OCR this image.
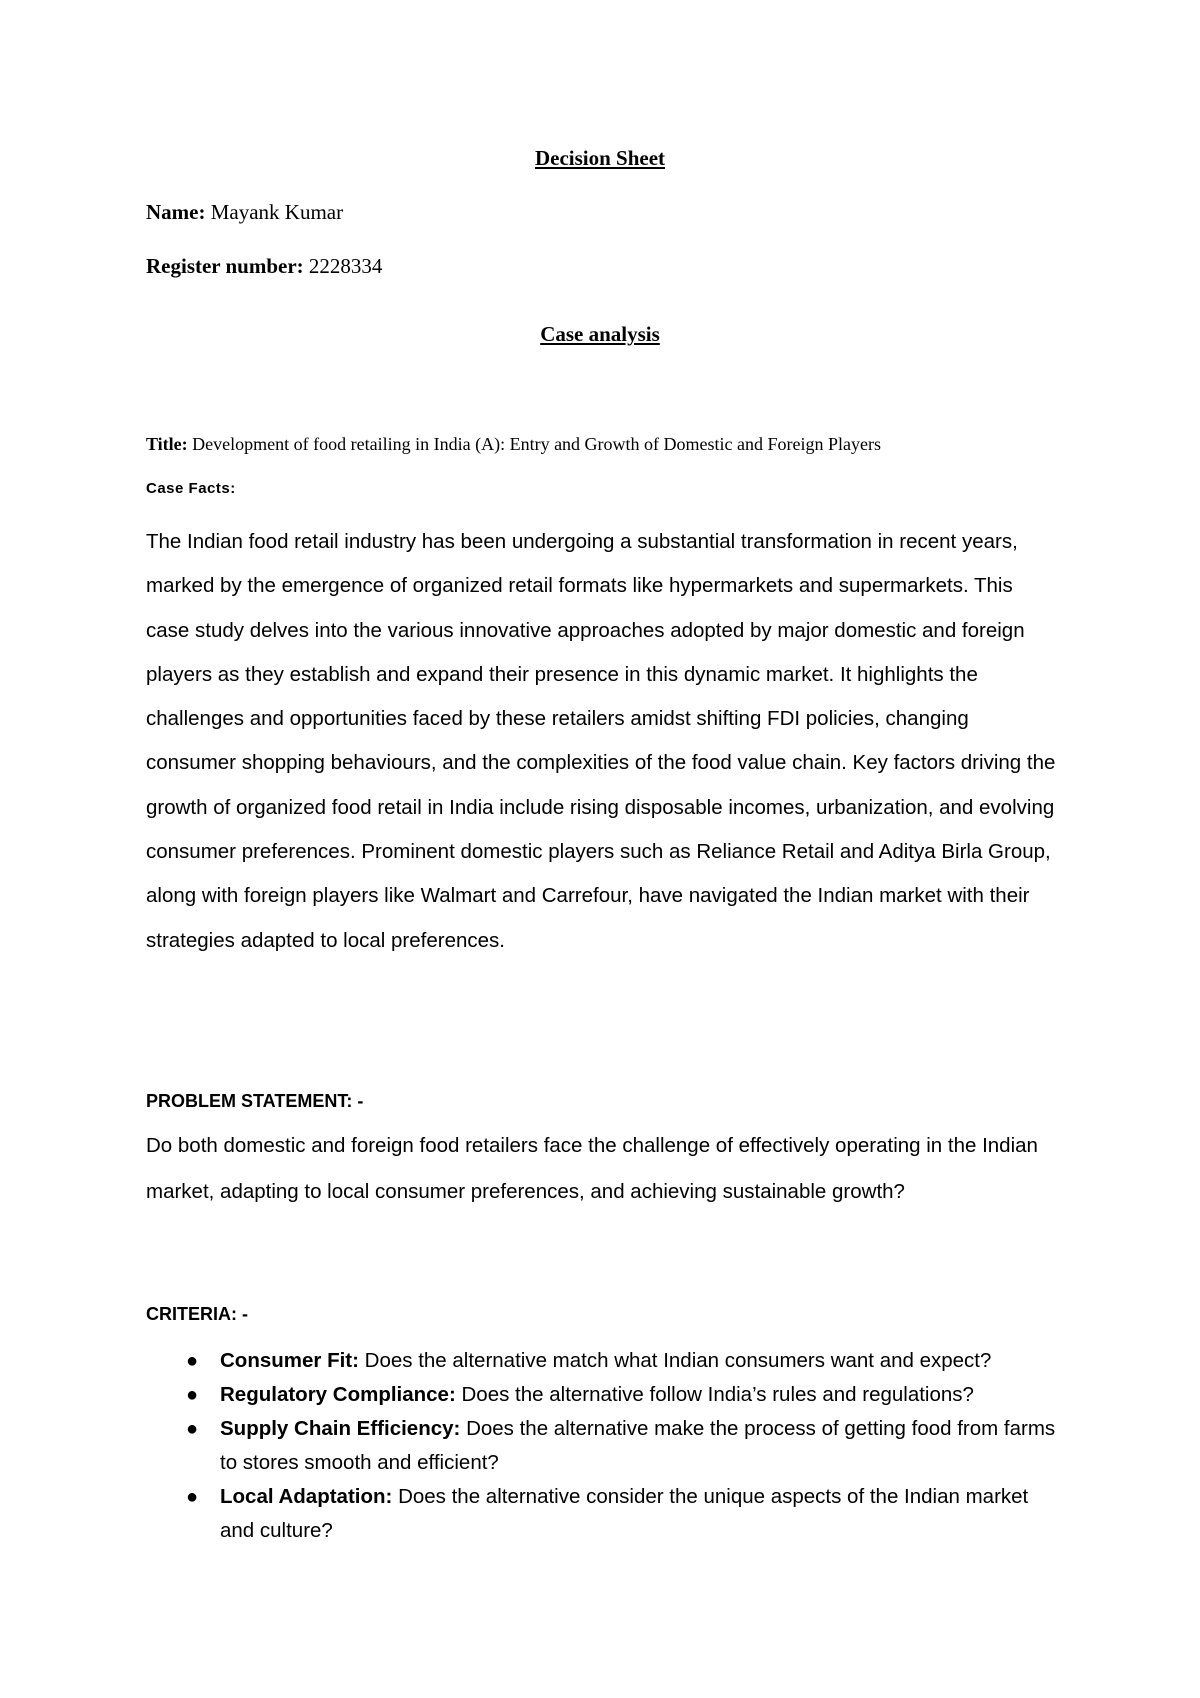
Decision Sheet
Name: Mayank Kumar
Register number: 2228334
Case analysis
Title: Development of food retailing in India (A): Entry and Growth of Domestic and Foreign Players
Case Facts:
The Indian food retail industry has been undergoing a substantial transformation in recent years, marked by the emergence of organized retail formats like hypermarkets and supermarkets. This case study delves into the various innovative approaches adopted by major domestic and foreign players as they establish and expand their presence in this dynamic market. It highlights the challenges and opportunities faced by these retailers amidst shifting FDI policies, changing consumer shopping behaviours, and the complexities of the food value chain. Key factors driving the growth of organized food retail in India include rising disposable incomes, urbanization, and evolving consumer preferences. Prominent domestic players such as Reliance Retail and Aditya Birla Group, along with foreign players like Walmart and Carrefour, have navigated the Indian market with their strategies adapted to local preferences.
PROBLEM STATEMENT: -
Do both domestic and foreign food retailers face the challenge of effectively operating in the Indian market, adapting to local consumer preferences, and achieving sustainable growth?
CRITERIA: -
● Consumer Fit: Does the alternative match what Indian consumers want and expect?
● Regulatory Compliance: Does the alternative follow India’s rules and regulations?
● Supply Chain Efficiency: Does the alternative make the process of getting food from farms to stores smooth and efficient?
● Local Adaptation: Does the alternative consider the unique aspects of the Indian market and culture?
